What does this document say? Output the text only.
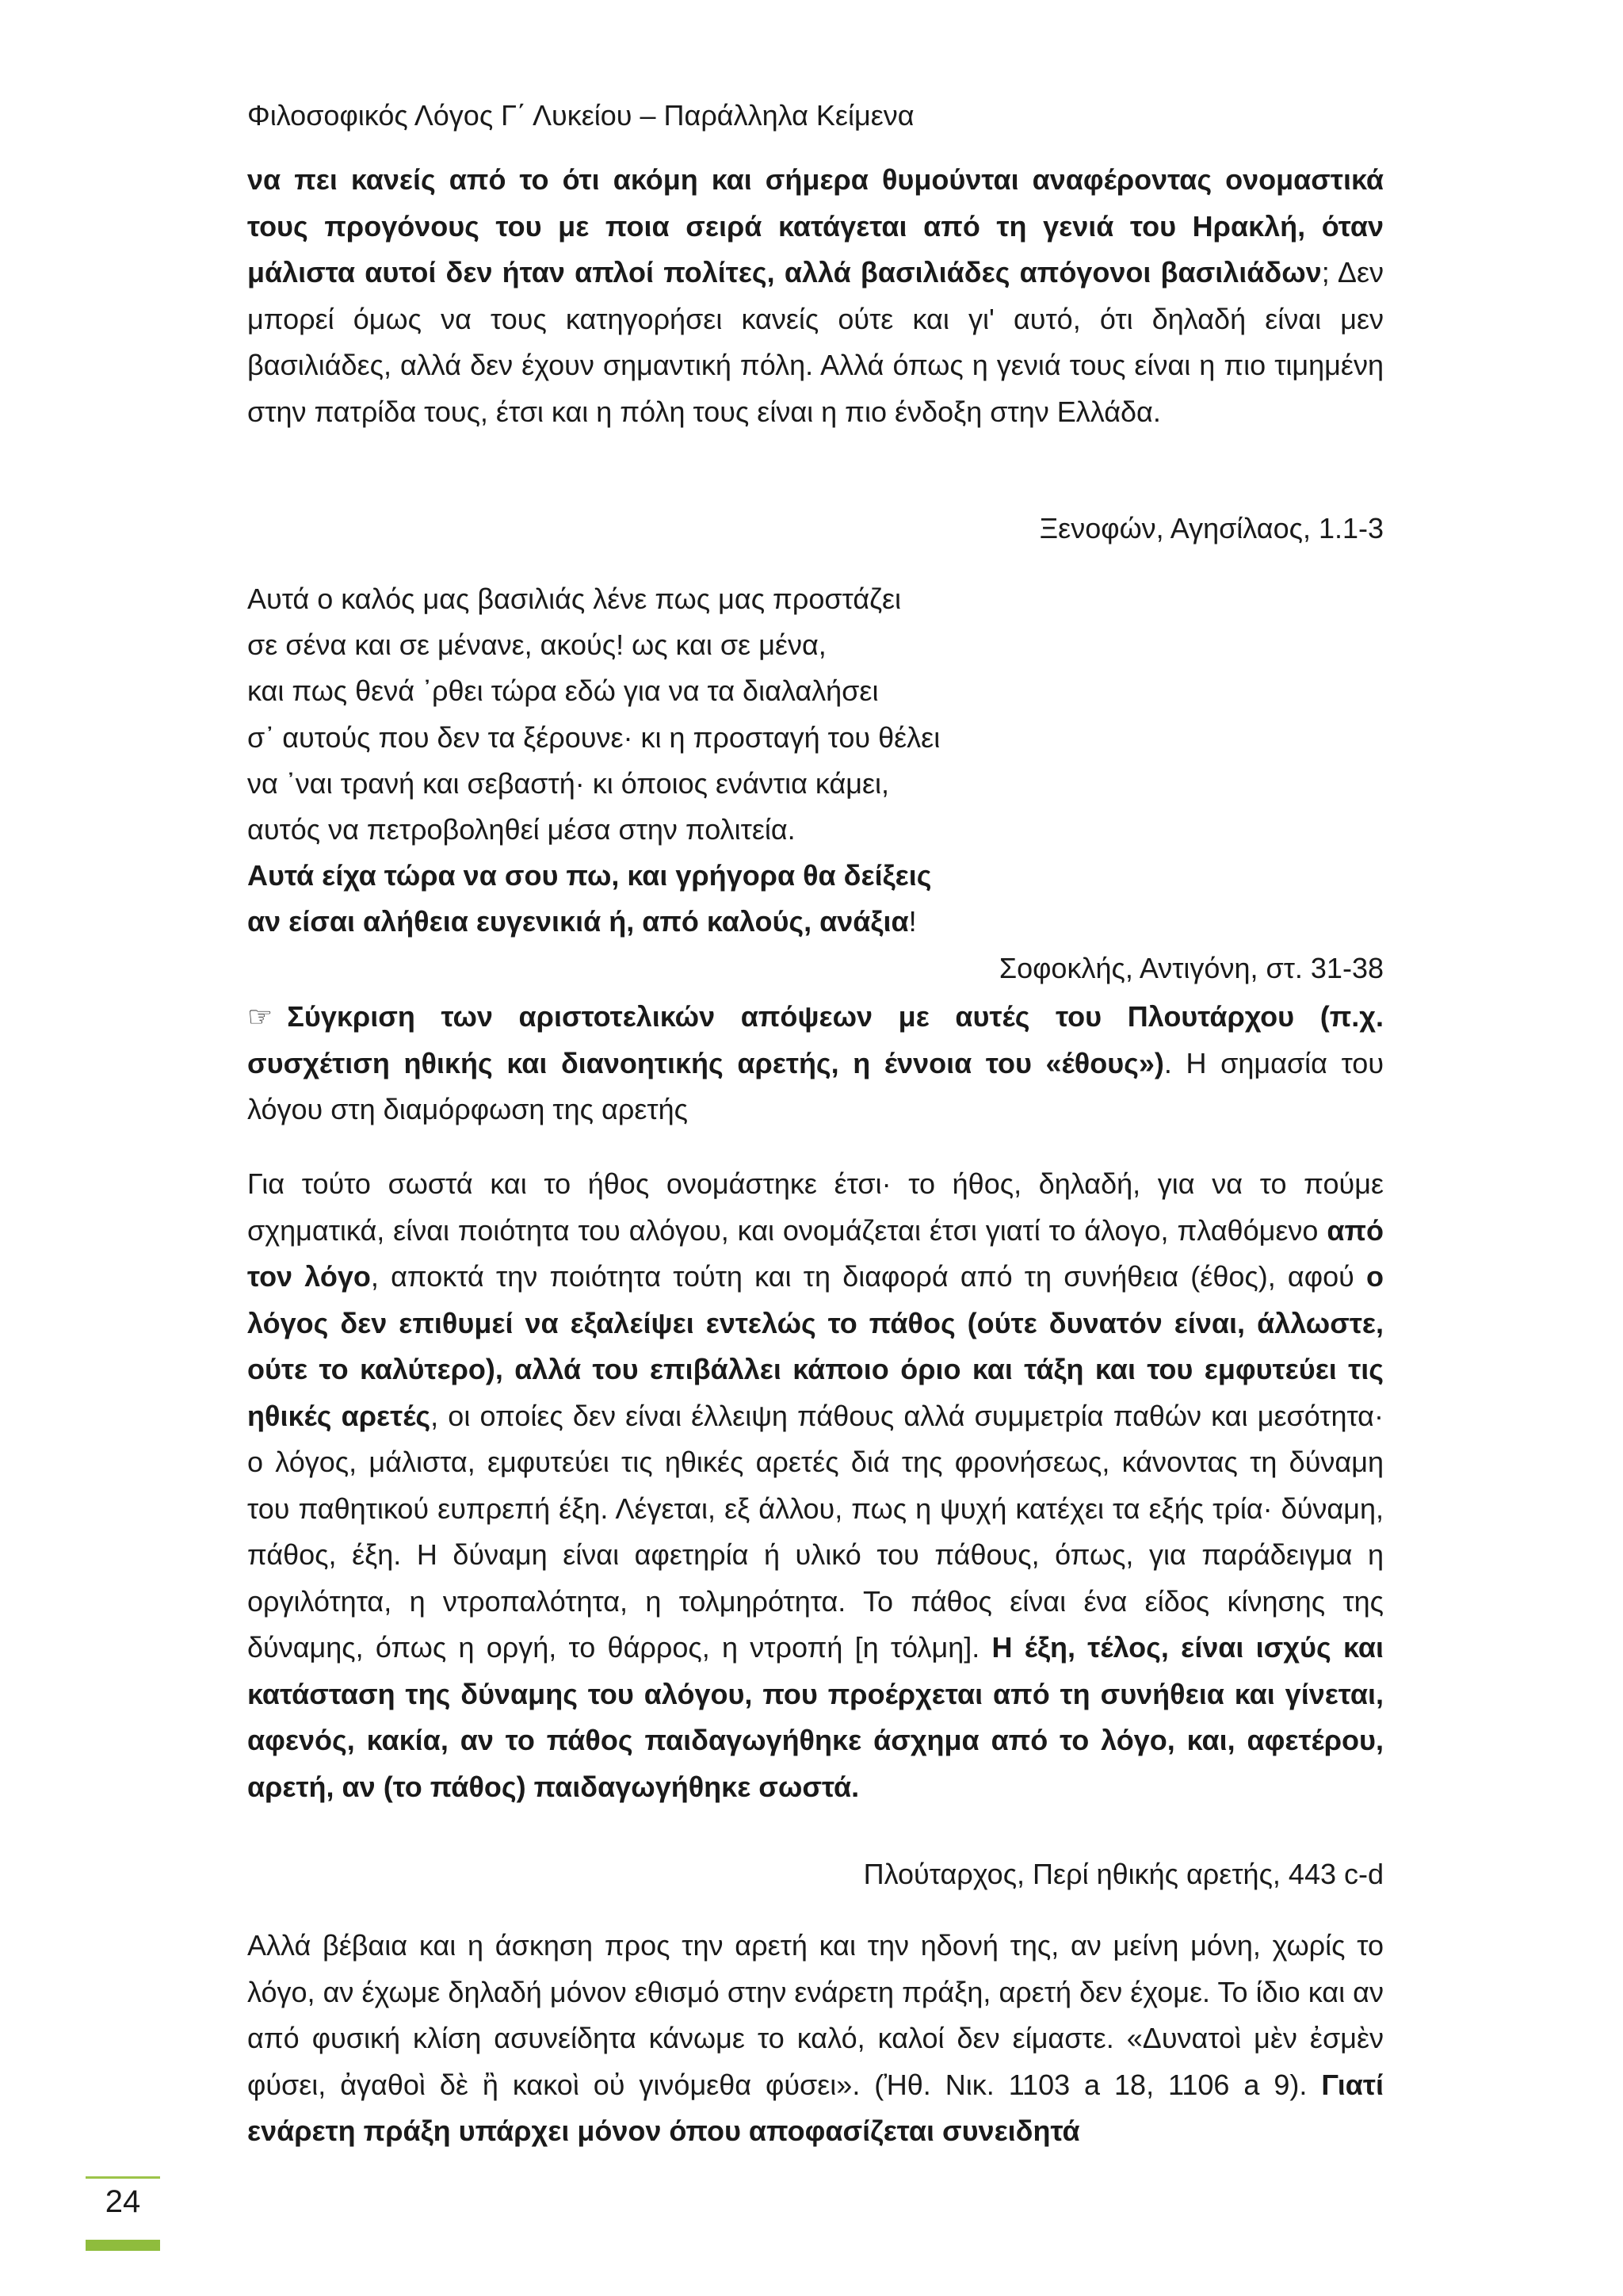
Φιλοσοφικός Λόγος Γ΄ Λυκείου – Παράλληλα Κείμενα

να πει κανείς από το ότι ακόμη και σήμερα θυμούνται αναφέροντας ονομαστικά τους προγόνους του με ποια σειρά κατάγεται από τη γενιά του Ηρακλή, όταν μάλιστα αυτοί δεν ήταν απλοί πολίτες, αλλά βασιλιάδες απόγονοι βασιλιάδων; Δεν μπορεί όμως να τους κατηγορήσει κανείς ούτε και γι' αυτό, ότι δηλαδή είναι μεν βασιλιάδες, αλλά δεν έχουν σημαντική πόλη. Αλλά όπως η γενιά τους είναι η πιο τιμημένη στην πατρίδα τους, έτσι και η πόλη τους είναι η πιο ένδοξη στην Ελλάδα.

Ξενοφών, Αγησίλαος, 1.1-3
Αυτά ο καλός μας βασιλιάς λένε πως μας προστάζει
σε σένα και σε μένανε, ακούς! ως και σε μένα,
και πως θενά ᾽ρθει τώρα εδώ για να τα διαλαλήσει
σ᾽ αυτούς που δεν τα ξέρουνε· κι η προσταγή του θέλει
να ᾽ναι τρανή και σεβαστή· κι όποιος ενάντια κάμει,
αυτός να πετροβοληθεί μέσα στην πολιτεία.
Αυτά είχα τώρα να σου πω, και γρήγορα θα δείξεις
αν είσαι αλήθεια ευγενικιά ή, από καλούς, ανάξια!
Σοφοκλής, Αντιγόνη, στ. 31-38

☞ Σύγκριση των αριστοτελικών απόψεων με αυτές του Πλουτάρχου (π.χ. συσχέτιση ηθικής και διανοητικής αρετής, η έννοια του «έθους»). Η σημασία του λόγου στη διαμόρφωση της αρετής

Για τούτο σωστά και το ήθος ονομάστηκε έτσι· το ήθος, δηλαδή, για να το πούμε σχηματικά, είναι ποιότητα του αλόγου, και ονομάζεται έτσι γιατί το άλογο, πλαθόμενο από τον λόγο, αποκτά την ποιότητα τούτη και τη διαφορά από τη συνήθεια (έθος), αφού ο λόγος δεν επιθυμεί να εξαλείψει εντελώς το πάθος (ούτε δυνατόν είναι, άλλωστε, ούτε το καλύτερο), αλλά του επιβάλλει κάποιο όριο και τάξη και του εμφυτεύει τις ηθικές αρετές, οι οποίες δεν είναι έλλειψη πάθους αλλά συμμετρία παθών και μεσότητα· ο λόγος, μάλιστα, εμφυτεύει τις ηθικές αρετές διά της φρονήσεως, κάνοντας τη δύναμη του παθητικού ευπρεπή έξη. Λέγεται, εξ άλλου, πως η ψυχή κατέχει τα εξής τρία· δύναμη, πάθος, έξη. Η δύναμη είναι αφετηρία ή υλικό του πάθους, όπως, για παράδειγμα η οργιλότητα, η ντροπαλότητα, η τολμηρότητα. Το πάθος είναι ένα είδος κίνησης της δύναμης, όπως η οργή, το θάρρος, η ντροπή [η τόλμη]. Η έξη, τέλος, είναι ισχύς και κατάσταση της δύναμης του αλόγου, που προέρχεται από τη συνήθεια και γίνεται, αφενός, κακία, αν το πάθος παιδαγωγήθηκε άσχημα από το λόγο, και, αφετέρου, αρετή, αν (το πάθος) παιδαγωγήθηκε σωστά.

Πλούταρχος, Περί ηθικής αρετής, 443 c-d

Αλλά βέβαια και η άσκηση προς την αρετή και την ηδονή της, αν μείνη μόνη, χωρίς το λόγο, αν έχωμε δηλαδή μόνον εθισμό στην ενάρετη πράξη, αρετή δεν έχομε. Το ίδιο και αν από φυσική κλίση ασυνείδητα κάνωμε το καλό, καλοί δεν είμαστε. «Δυνατοὶ μὲν ἐσμὲν φύσει, ἀγαθοὶ δὲ ἢ κακοὶ οὐ γινόμεθα φύσει». (Ἠθ. Νικ. 1103 a 18, 1106 a 9). Γιατί ενάρετη πράξη υπάρχει μόνον όπου αποφασίζεται συνειδητά

24
